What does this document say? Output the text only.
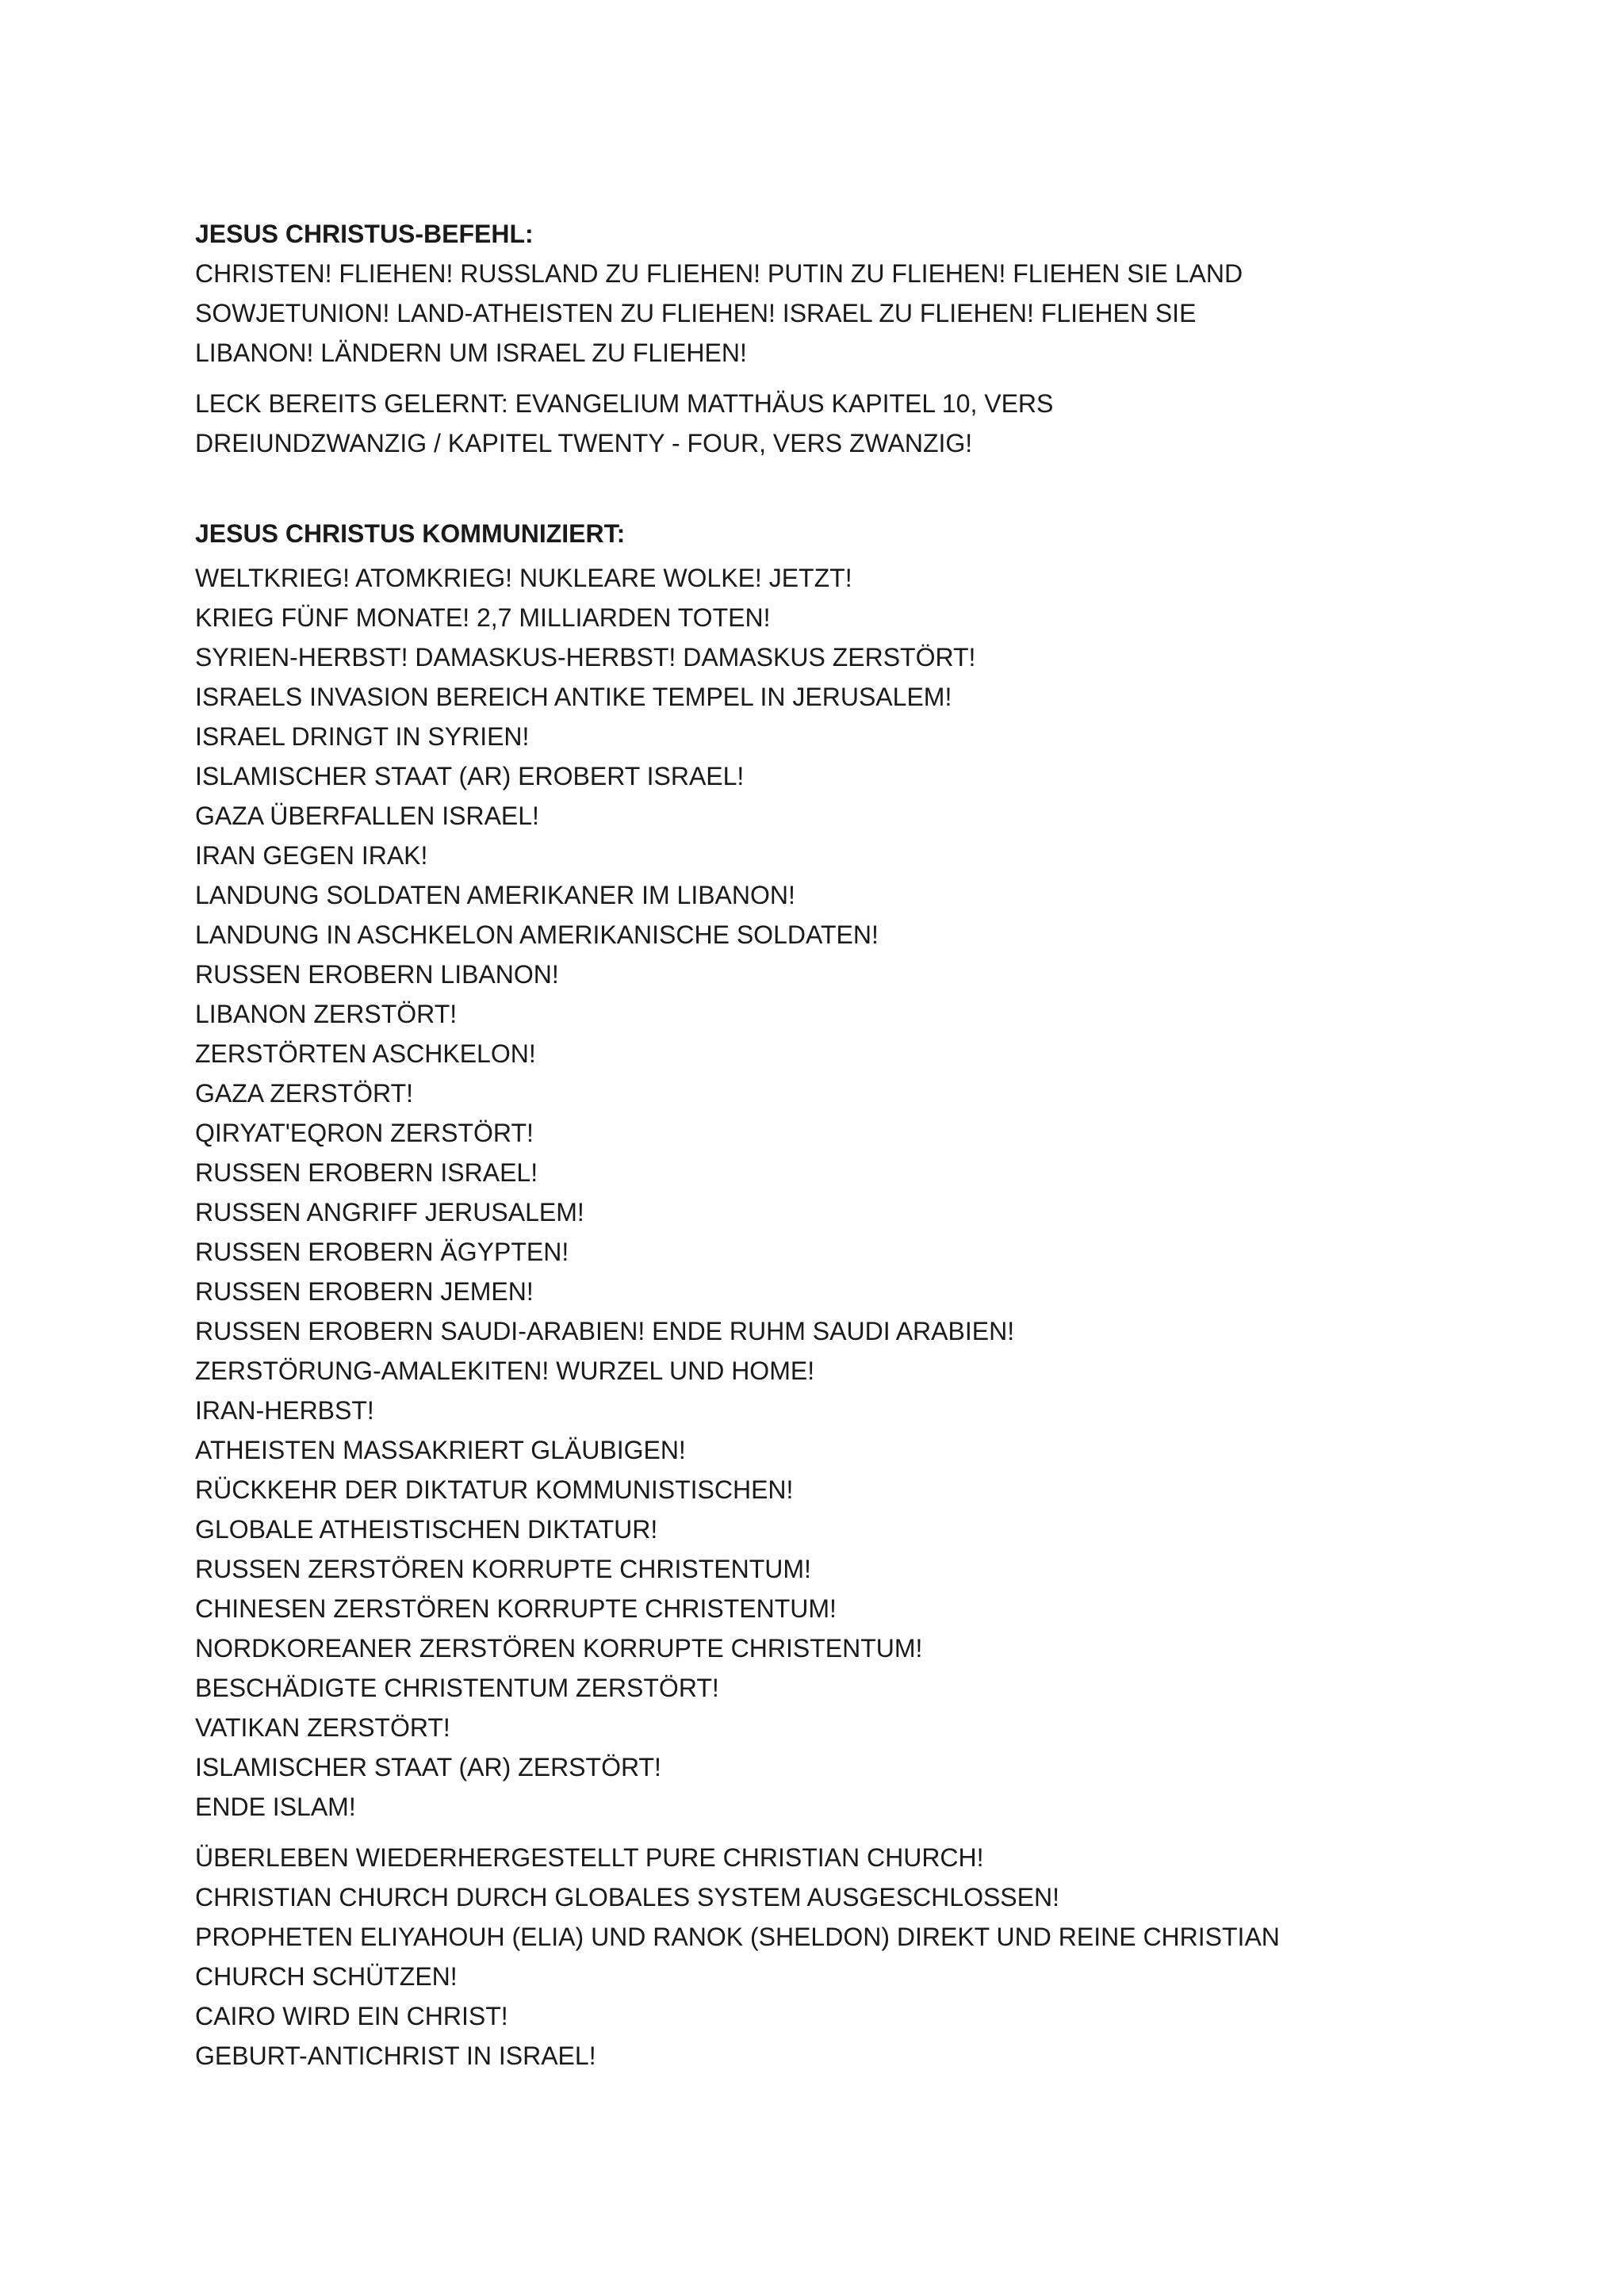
JESUS CHRISTUS-BEFEHL:

CHRISTEN! FLIEHEN! RUSSLAND ZU FLIEHEN! PUTIN ZU FLIEHEN! FLIEHEN SIE LAND

SOWJETUNION! LAND-ATHEISTEN ZU FLIEHEN! ISRAEL ZU FLIEHEN! FLIEHEN SIE

LIBANON! LÄNDERN UM ISRAEL ZU FLIEHEN!

LECK BEREITS GELERNT: EVANGELIUM MATTHÄUS KAPITEL 10, VERS

DREIUNDZWANZIG / KAPITEL TWENTY - FOUR, VERS ZWANZIG!

JESUS CHRISTUS KOMMUNIZIERT:

WELTKRIEG! ATOMKRIEG! NUKLEARE WOLKE! JETZT!

KRIEG FÜNF MONATE! 2,7 MILLIARDEN TOTEN!

SYRIEN-HERBST! DAMASKUS-HERBST! DAMASKUS ZERSTÖRT!

ISRAELS INVASION BEREICH ANTIKE TEMPEL IN JERUSALEM!

ISRAEL DRINGT IN SYRIEN!

ISLAMISCHER STAAT (AR) EROBERT ISRAEL!

GAZA ÜBERFALLEN ISRAEL!

IRAN GEGEN IRAK!

LANDUNG SOLDATEN AMERIKANER IM LIBANON!

LANDUNG IN ASCHKELON AMERIKANISCHE SOLDATEN!

RUSSEN EROBERN LIBANON!

LIBANON ZERSTÖRT!

ZERSTÖRTEN ASCHKELON!

GAZA ZERSTÖRT!

QIRYAT'EQRON ZERSTÖRT!

RUSSEN EROBERN ISRAEL!

RUSSEN ANGRIFF JERUSALEM!

RUSSEN EROBERN ÄGYPTEN!

RUSSEN EROBERN JEMEN!

RUSSEN EROBERN SAUDI-ARABIEN! ENDE RUHM SAUDI ARABIEN!

ZERSTÖRUNG-AMALEKITEN! WURZEL UND HOME!

IRAN-HERBST!

ATHEISTEN MASSAKRIERT GLÄUBIGEN!

RÜCKKEHR DER DIKTATUR KOMMUNISTISCHEN!

GLOBALE ATHEISTISCHEN DIKTATUR!

RUSSEN ZERSTÖREN KORRUPTE CHRISTENTUM!

CHINESEN ZERSTÖREN KORRUPTE CHRISTENTUM!

NORDKOREANER ZERSTÖREN KORRUPTE CHRISTENTUM!

BESCHÄDIGTE CHRISTENTUM ZERSTÖRT!

VATIKAN ZERSTÖRT!

ISLAMISCHER STAAT (AR) ZERSTÖRT!

ENDE ISLAM!

ÜBERLEBEN WIEDERHERGESTELLT PURE CHRISTIAN CHURCH!

CHRISTIAN CHURCH DURCH GLOBALES SYSTEM AUSGESCHLOSSEN!

PROPHETEN ELIYAHOUH (ELIA) UND RANOK (SHELDON) DIREKT UND REINE CHRISTIAN

CHURCH SCHÜTZEN!

CAIRO WIRD EIN CHRIST!

GEBURT-ANTICHRIST IN ISRAEL!
